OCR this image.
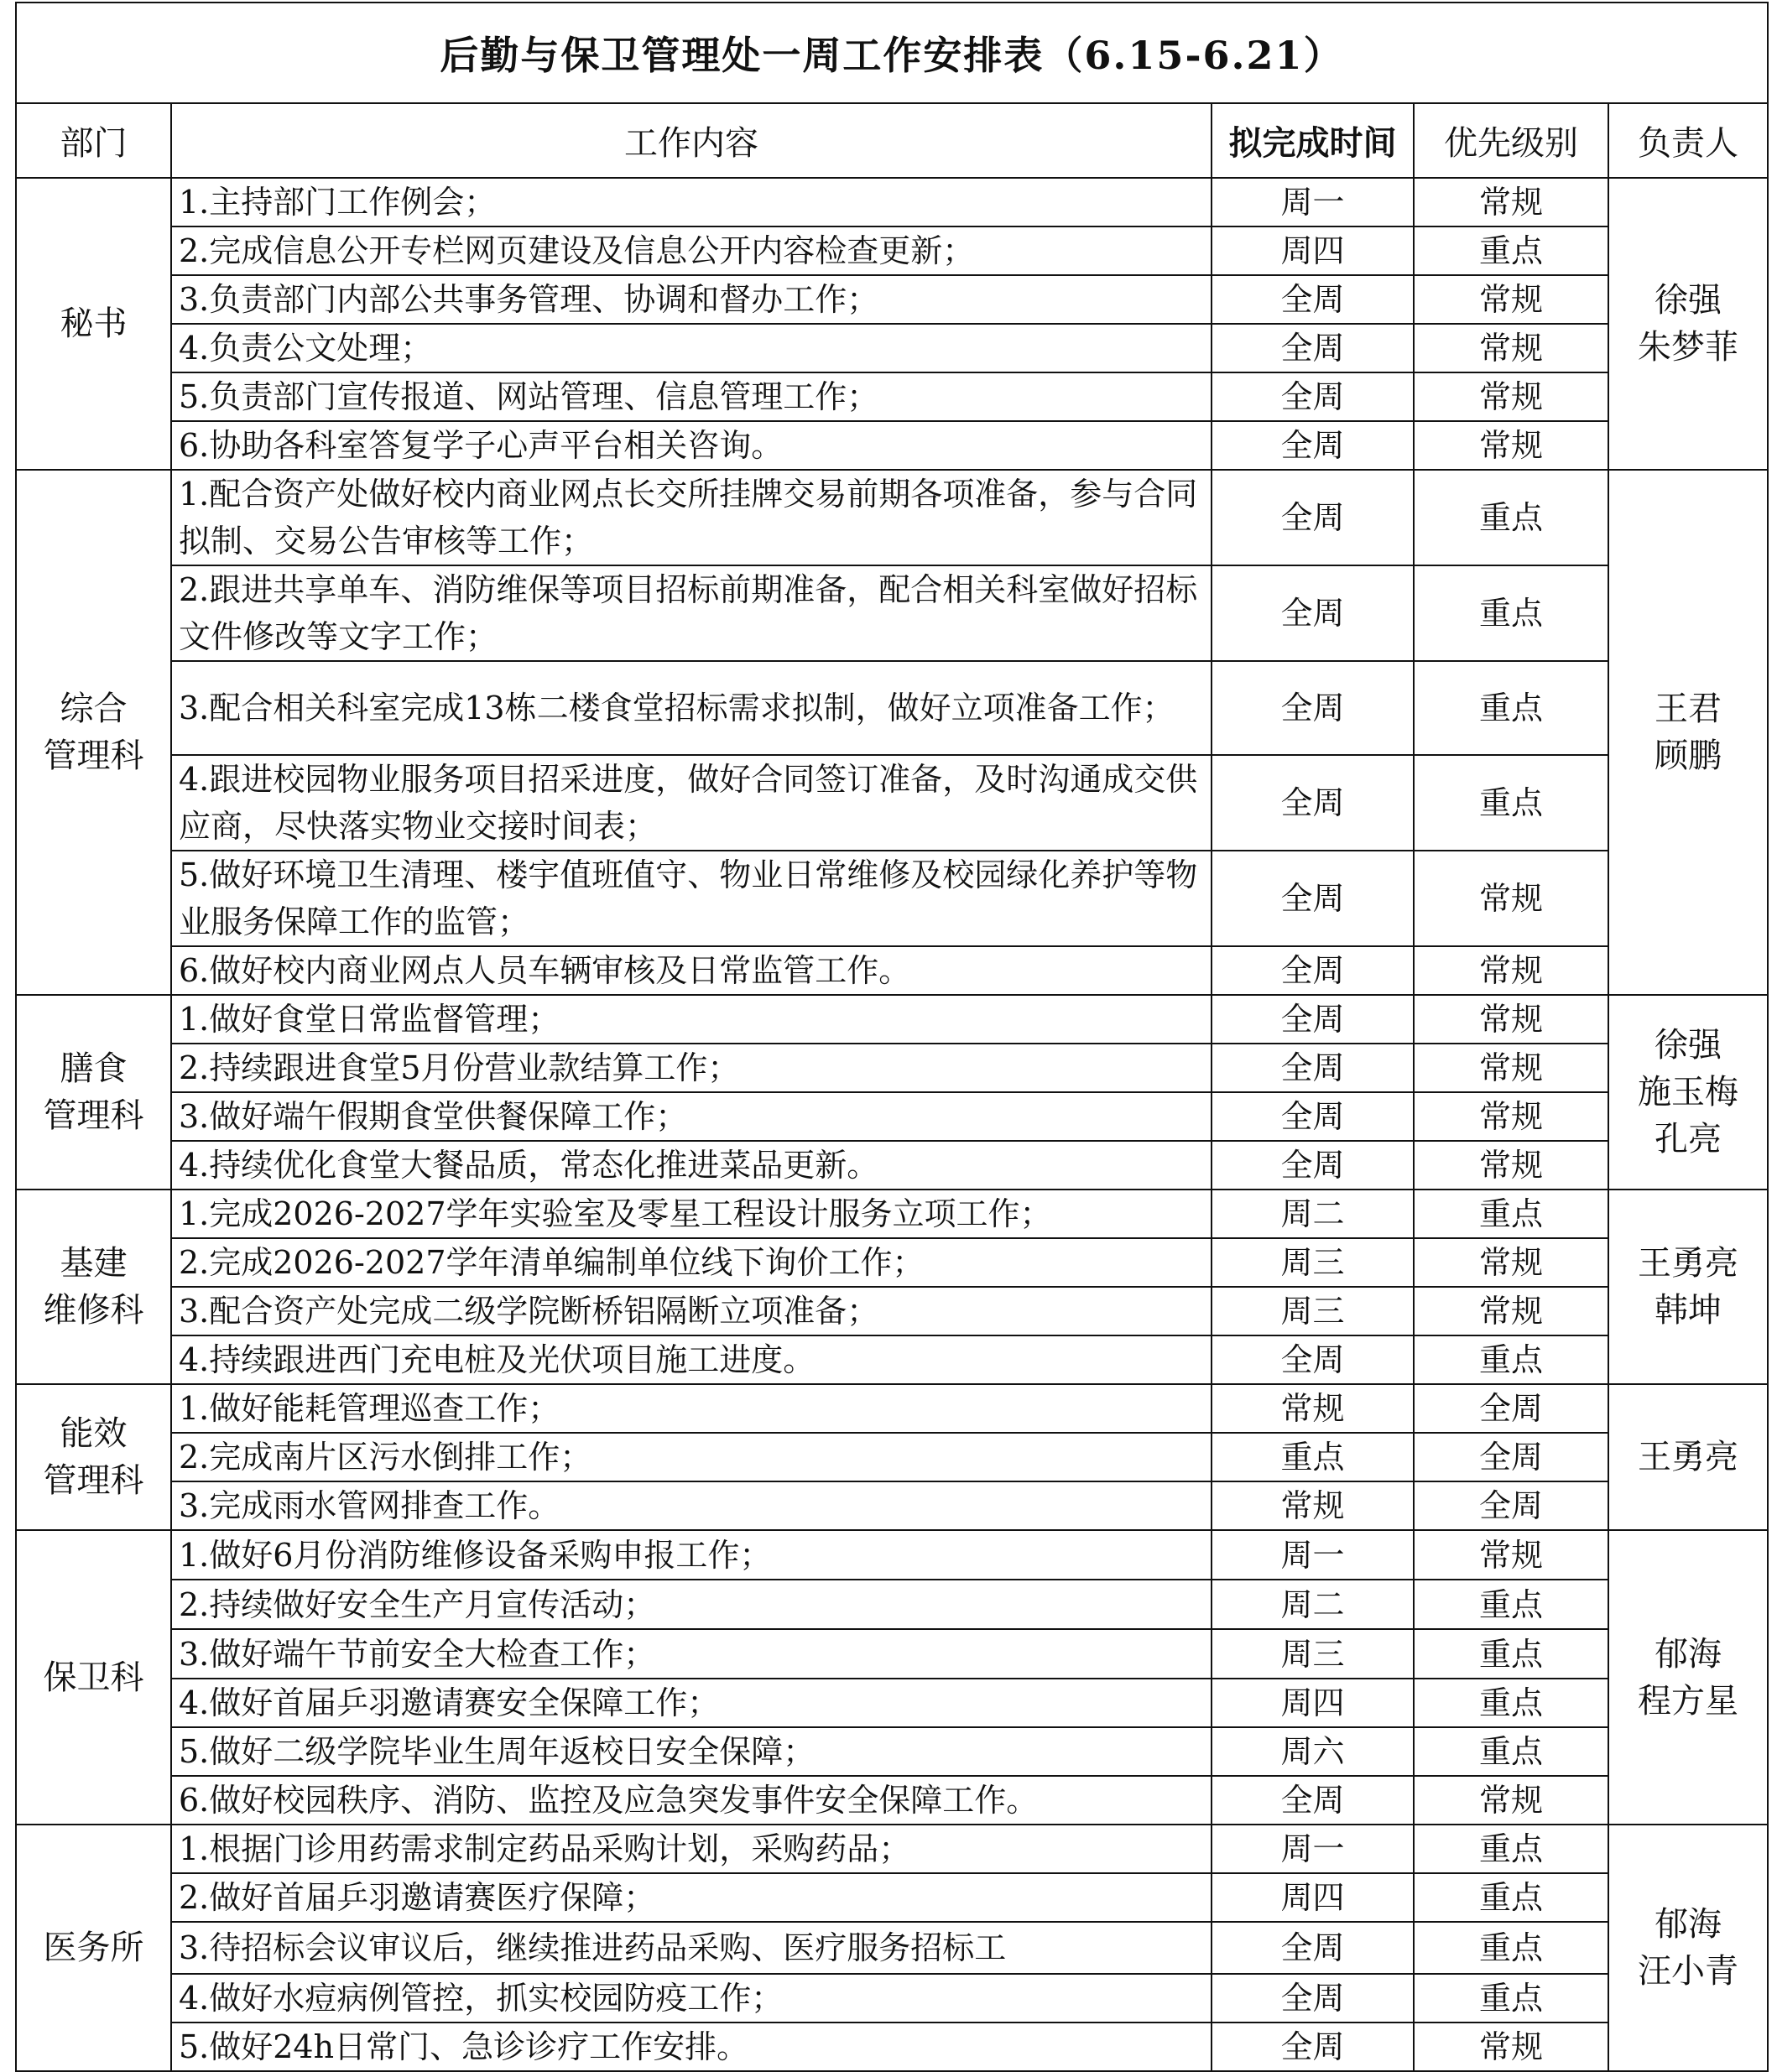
后勤与保卫管理处一周工作安排表（6.15-6.21）				
部门	工作内容	拟完成时间	优先级别	负责人

秘书	1.主持部门工作例会；	周一	常规	徐强
朱梦菲

	2.完成信息公开专栏网页建设及信息公开内容检查更新；	周四	重点	
	3.负责部门内部公共事务管理、协调和督办工作；	全周	常规	
	4.负责公文处理；	全周	常规	
	5.负责部门宣传报道、网站管理、信息管理工作；	全周	常规	
	6.协助各科室答复学子心声平台相关咨询。	全周	常规	

综合
管理科	1.配合资产处做好校内商业网点长交所挂牌交易前期各项准备，参与合同拟制、交易公告审核等工作；	全周	重点	王君
顾鹏

	2.跟进共享单车、消防维保等项目招标前期准备，配合相关科室做好招标文件修改等文字工作；	全周	重点	
	3.配合相关科室完成13栋二楼食堂招标需求拟制，做好立项准备工作；	全周	重点	
	4.跟进校园物业服务项目招采进度，做好合同签订准备，及时沟通成交供应商，尽快落实物业交接时间表；	全周	重点	
	5.做好环境卫生清理、楼宇值班值守、物业日常维修及校园绿化养护等物业服务保障工作的监管；	全周	常规	
	6.做好校内商业网点人员车辆审核及日常监管工作。	全周	常规	

膳食
管理科	1.做好食堂日常监督管理；	全周	常规	徐强
施玉梅
孔亮

	2.持续跟进食堂5月份营业款结算工作；	全周	常规	
	3.做好端午假期食堂供餐保障工作；	全周	常规	
	4.持续优化食堂大餐品质，常态化推进菜品更新。	全周	常规	

基建
维修科	1.完成2026-2027学年实验室及零星工程设计服务立项工作；	周二	重点	王勇亮
韩坤

	2.完成2026-2027学年清单编制单位线下询价工作；	周三	常规	
	3.配合资产处完成二级学院断桥铝隔断立项准备；	周三	常规	
	4.持续跟进西门充电桩及光伏项目施工进度。	全周	重点	

能效
管理科	1.做好能耗管理巡查工作；	常规	全周	王勇亮

	2.完成南片区污水倒排工作；	重点	全周	
	3.完成雨水管网排查工作。	常规	全周	

保卫科	1.做好6月份消防维修设备采购申报工作；	周一	常规	郁海
程方星

	2.持续做好安全生产月宣传活动；	周二	重点	
	3.做好端午节前安全大检查工作；	周三	重点	
	4.做好首届乒羽邀请赛安全保障工作；	周四	重点	
	5.做好二级学院毕业生周年返校日安全保障；	周六	重点	
	6.做好校园秩序、消防、监控及应急突发事件安全保障工作。	全周	常规	

医务所	1.根据门诊用药需求制定药品采购计划，采购药品；	周一	重点	郁海
汪小青

	2.做好首届乒羽邀请赛医疗保障；	周四	重点	
	3.待招标会议审议后，继续推进药品采购、医疗服务招标工	全周	重点	
	4.做好水痘病例管控，抓实校园防疫工作；	全周	重点	
	5.做好24h日常门、急诊诊疗工作安排。	全周	常规	
